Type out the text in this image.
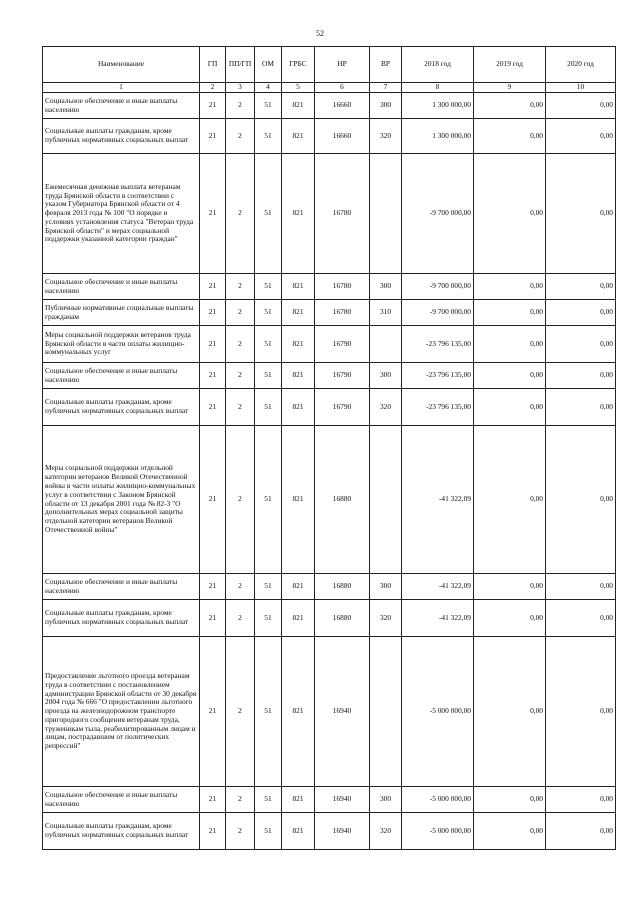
52
Наименование	ГП	ПП/ГП	ОМ	ГРБС	НР	ВР	2018 год	2019 год	2020 год
1	2	3	4	5	6	7	8	9	10
Социальное обеспечение и иные выплаты населению	21	2	51	821	16660	300	1 300 000,00	0,00	0,00
Социальные выплаты гражданам, кроме публичных нормативных социальных выплат	21	2	51	821	16660	320	1 300 000,00	0,00	0,00
Ежемесячная денежная выплата ветеранам труда Брянской области в соответствии с указом Губернатора Брянской области от 4 февраля 2013 года № 100 "О порядке и условиях установления статуса "Ветеран труда Брянской области" и мерах социальной поддержки указанной категории граждан"	21	2	51	821	16780		-9 700 000,00	0,00	0,00
Социальное обеспечение и иные выплаты населению	21	2	51	821	16780	300	-9 700 000,00	0,00	0,00
Публичные нормативные социальные выплаты гражданам	21	2	51	821	16780	310	-9 700 000,00	0,00	0,00
Меры социальной поддержки ветеранов труда Брянской области в части оплаты жилищно-коммунальных услуг	21	2	51	821	16790		-23 796 135,00	0,00	0,00
Социальное обеспечение и иные выплаты населению	21	2	51	821	16790	300	-23 796 135,00	0,00	0,00
Социальные выплаты гражданам, кроме публичных нормативных социальных выплат	21	2	51	821	16790	320	-23 796 135,00	0,00	0,00
Меры социальной поддержки отдельной категории ветеранов Великой Отечественной войны в части оплаты жилищно-коммунальных услуг в соответствии с Законом Брянской области от 13 декабря 2001 года № 82-З "О дополнительных мерах социальной защиты отдельной категории ветеранов Великой Отечественной войны"	21	2	51	821	16880		-41 322,09	0,00	0,00
Социальное обеспечение и иные выплаты населению	21	2	51	821	16880	300	-41 322,09	0,00	0,00
Социальные выплаты гражданам, кроме публичных нормативных социальных выплат	21	2	51	821	16880	320	-41 322,09	0,00	0,00
Предоставление льготного проезда ветеранам труда в соответствии с постановлением администрации Брянской области от 30 декабря 2004 года № 666 "О предоставлении льготного проезда на железнодорожном транспорте пригородного сообщения ветеранам труда, труженикам тыла, реабилитированным лицам и лицам, пострадавшим от политических репрессий"	21	2	51	821	16940		-5 000 000,00	0,00	0,00
Социальное обеспечение и иные выплаты населению	21	2	51	821	16940	300	-5 000 000,00	0,00	0,00
Социальные выплаты гражданам, кроме публичных нормативных социальных выплат	21	2	51	821	16940	320	-5 000 000,00	0,00	0,00
